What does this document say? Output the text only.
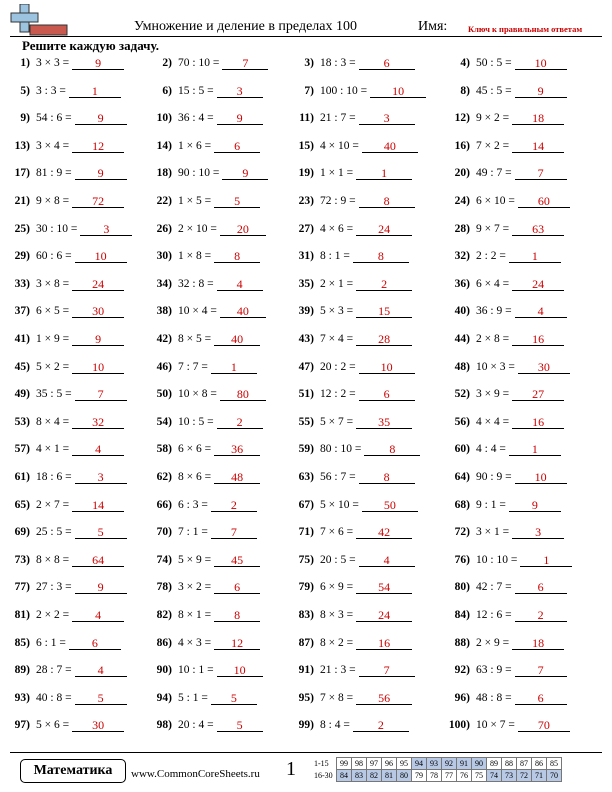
Умножение и деление в пределах 100	Имя: Ключ к правильным ответам
Решите каждую задачу.
1) 3 × 3 =	9	2) 70 : 10 =	7	3) 18 : 3 =	6	4) 50 : 5 =	10
5) 3 : 3 =	1	6) 15 : 5 =	3	7) 100 : 10 =	10	8) 45 : 5 =	9
9) 54 : 6 =	9	10) 36 : 4 =	9	11) 21 : 7 =	3	12) 9 × 2 =	18
13) 3 × 4 =	12	14) 1 × 6 =	6	15) 4 × 10 =	40	16) 7 × 2 =	14
17) 81 : 9 =	9	18) 90 : 10 =	9	19) 1 × 1 =	1	20) 49 : 7 =	7
21) 9 × 8 =	72	22) 1 × 5 =	5	23) 72 : 9 =	8	24) 6 × 10 =	60
25) 30 : 10 =	3	26) 2 × 10 =	20	27) 4 × 6 =	24	28) 9 × 7 =	63
29) 60 : 6 =	10	30) 1 × 8 =	8	31) 8 : 1 =	8	32) 2 : 2 =	1
33) 3 × 8 =	24	34) 32 : 8 =	4	35) 2 × 1 =	2	36) 6 × 4 =	24
37) 6 × 5 =	30	38) 10 × 4 =	40	39) 5 × 3 =	15	40) 36 : 9 =	4
41) 1 × 9 =	9	42) 8 × 5 =	40	43) 7 × 4 =	28	44) 2 × 8 =	16
45) 5 × 2 =	10	46) 7 : 7 =	1	47) 20 : 2 =	10	48) 10 × 3 =	30
49) 35 : 5 =	7	50) 10 × 8 =	80	51) 12 : 2 =	6	52) 3 × 9 =	27
53) 8 × 4 =	32	54) 10 : 5 =	2	55) 5 × 7 =	35	56) 4 × 4 =	16
57) 4 × 1 =	4	58) 6 × 6 =	36	59) 80 : 10 =	8	60) 4 : 4 =	1
61) 18 : 6 =	3	62) 8 × 6 =	48	63) 56 : 7 =	8	64) 90 : 9 =	10
65) 2 × 7 =	14	66) 6 : 3 =	2	67) 5 × 10 =	50	68) 9 : 1 =	9
69) 25 : 5 =	5	70) 7 : 1 =	7	71) 7 × 6 =	42	72) 3 × 1 =	3
73) 8 × 8 =	64	74) 5 × 9 =	45	75) 20 : 5 =	4	76) 10 : 10 =	1
77) 27 : 3 =	9	78) 3 × 2 =	6	79) 6 × 9 =	54	80) 42 : 7 =	6
81) 2 × 2 =	4	82) 8 × 1 =	8	83) 8 × 3 =	24	84) 12 : 6 =	2
85) 6 : 1 =	6	86) 4 × 3 =	12	87) 8 × 2 =	16	88) 2 × 9 =	18
89) 28 : 7 =	4	90) 10 : 1 =	10	91) 21 : 3 =	7	92) 63 : 9 =	7
93) 40 : 8 =	5	94) 5 : 1 =	5	95) 7 × 8 =	56	96) 48 : 8 =	6
97) 5 × 6 =	30	98) 20 : 4 =	5	99) 8 : 4 =	2	100) 10 × 7 =	70
Математика	www.CommonCoreSheets.ru 1 1-15	99	98	97	96	95	94	93	92	91	90	89	88	87	86	85
16-30	84	83	82	81	80	79	78	77	76	75	74	73	72	71	70
